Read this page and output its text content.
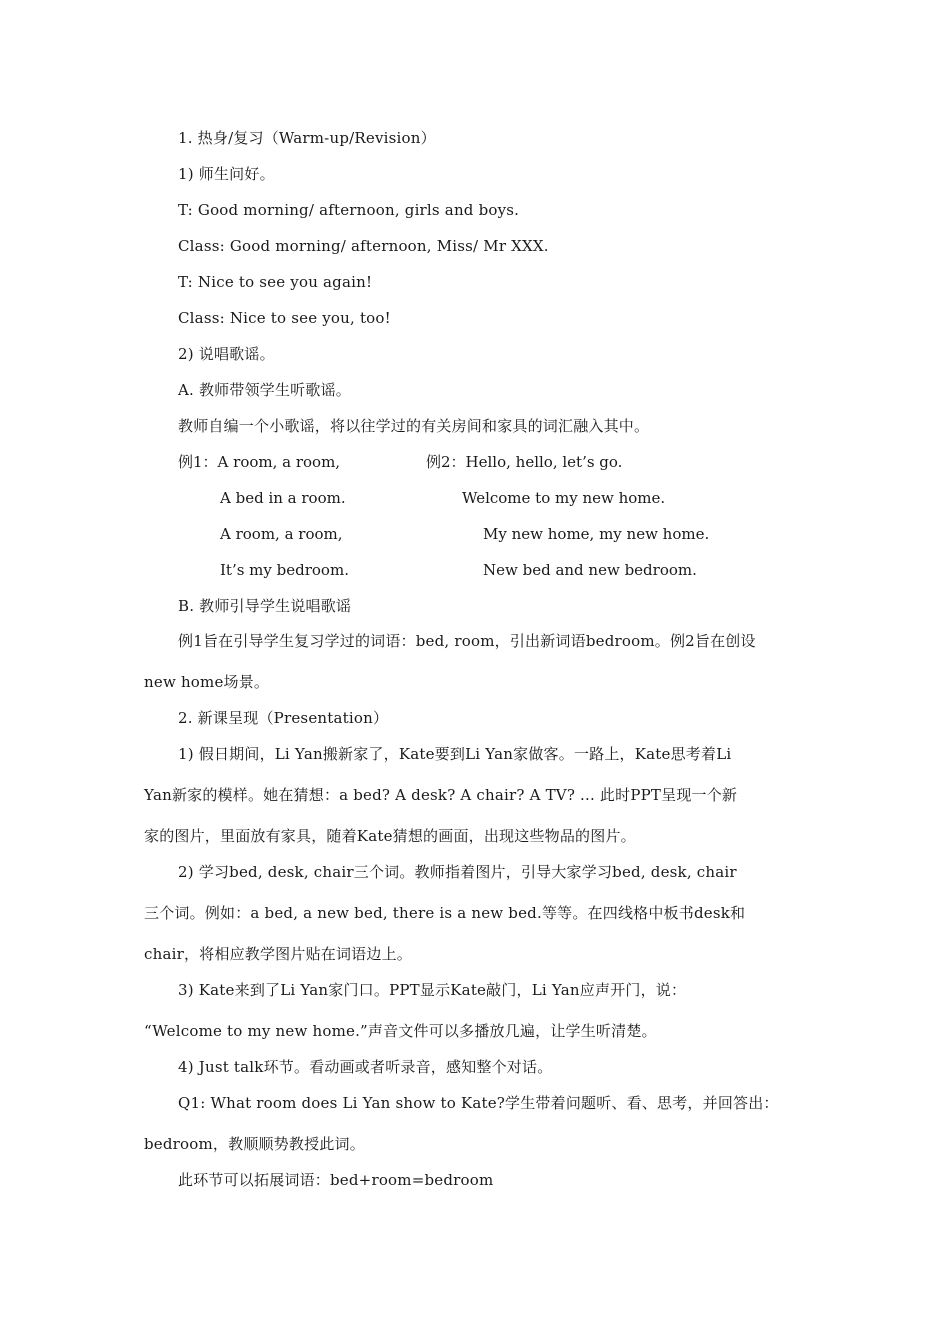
1. 热身/复习（Warm-up/Revision）
1) 师生问好。
T: Good morning/ afternoon, girls and boys.
Class: Good morning/ afternoon, Miss/ Mr XXX.
T: Nice to see you again!
Class: Nice to see you, too!
2) 说唱歌谣。
A. 教师带领学生听歌谣。
教师自编一个小歌谣，将以往学过的有关房间和家具的词汇融入其中。
例1：A room, a room,
A bed in a room.
A room, a room,
It’s my bedroom.
例2：Hello, hello, let’s go.
Welcome to my new home.
My new home, my new home.
New bed and new bedroom.
B. 教师引导学生说唱歌谣
例1旨在引导学生复习学过的词语：bed, room，引出新词语bedroom。例2旨在创设
new home场景。
2. 新课呈现（Presentation）
1) 假日期间，Li Yan搬新家了，Kate要到Li Yan家做客。一路上，Kate思考着Li
Yan新家的模样。她在猜想：a bed? A desk? A chair? A TV? ... 此时PPT呈现一个新
家的图片，里面放有家具，随着Kate猜想的画面，出现这些物品的图片。
2) 学习bed, desk, chair三个词。教师指着图片，引导大家学习bed, desk, chair
三个词。例如：a bed, a new bed, there is a new bed.等等。在四线格中板书desk和
chair，将相应教学图片贴在词语边上。
3) Kate来到了Li Yan家门口。PPT显示Kate敲门，Li Yan应声开门，说：
“Welcome to my new home.”声音文件可以多播放几遍，让学生听清楚。
4) Just talk环节。看动画或者听录音，感知整个对话。
Q1: What room does Li Yan show to Kate?学生带着问题听、看、思考，并回答出：
bedroom，教顺顺势教授此词。
此环节可以拓展词语：bed+room=bedroom
